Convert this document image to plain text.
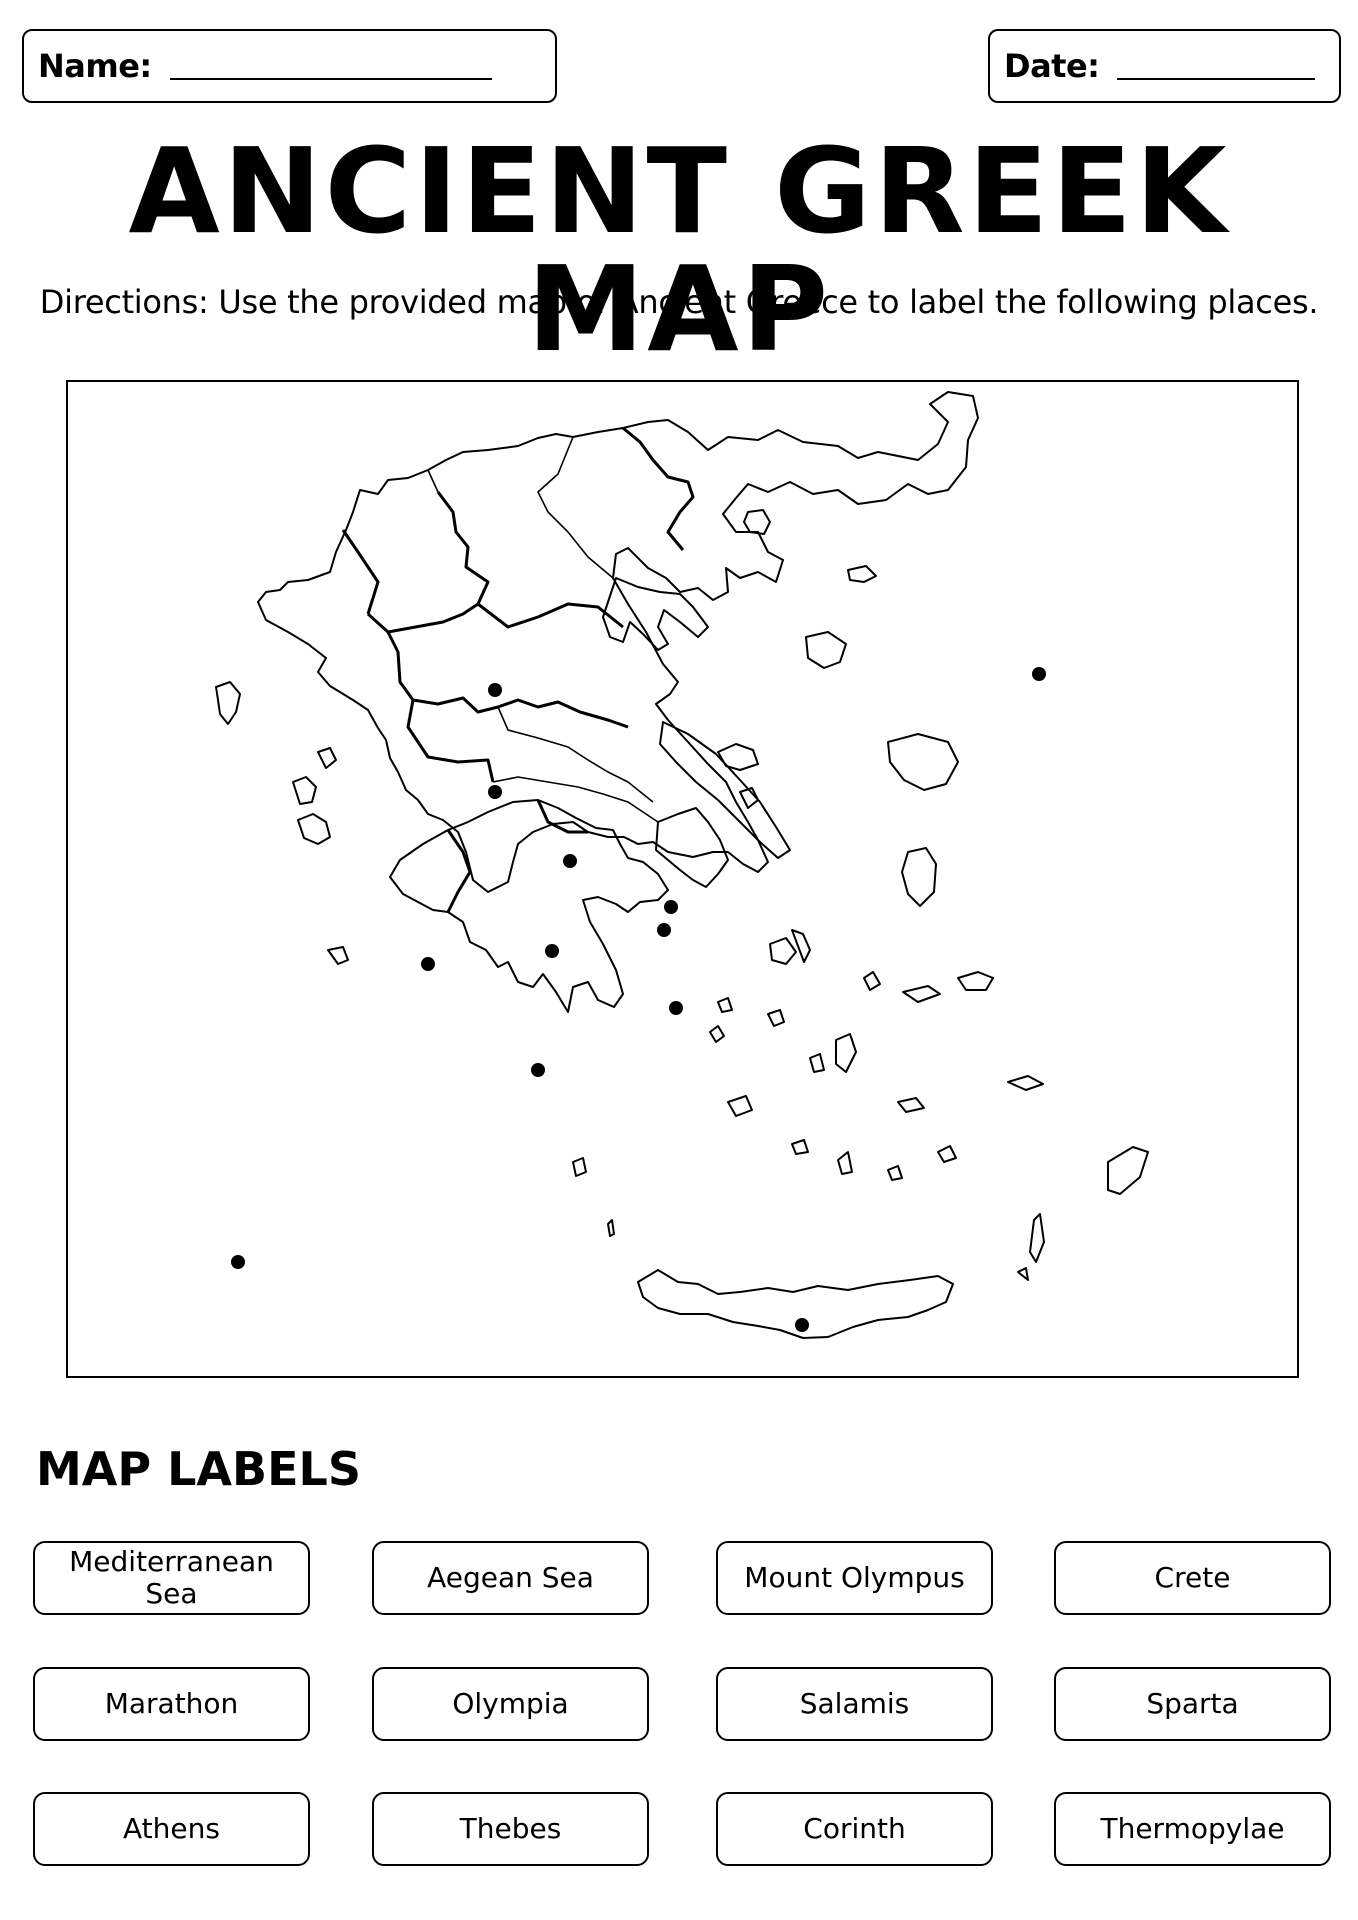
Name:	Date:
ANCIENT GREEK MAP

Directions: Use the provided map of Ancient Greece to label the following places.

MAP LABELS
Mediterranean Sea	Aegean Sea	Mount Olympus	Crete
Marathon	Olympia	Salamis	Sparta
Athens	Thebes	Corinth	Thermopylae
